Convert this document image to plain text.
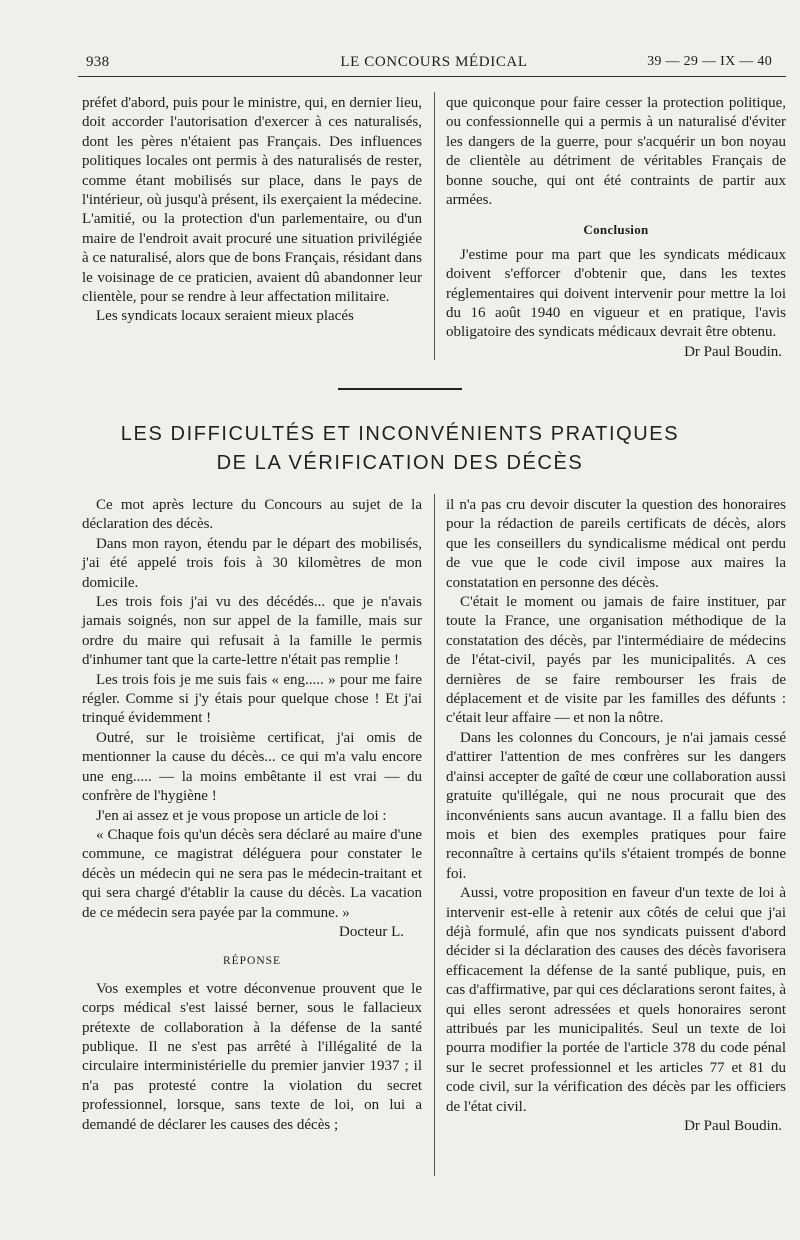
938	LE CONCOURS MÉDICAL	39 — 29 — IX — 40

préfet d'abord, puis pour le ministre, qui, en dernier lieu, doit accorder l'autorisation d'exercer à ces naturalisés, dont les pères n'étaient pas Français. Des influences politiques locales ont permis à des naturalisés de rester, comme étant mobilisés sur place, dans le pays de l'intérieur, où jusqu'à présent, ils exerçaient la médecine. L'amitié, ou la protection d'un parlementaire, ou d'un maire de l'endroit avait procuré une situation privilégiée à ce naturalisé, alors que de bons Français, résidant dans le voisinage de ce praticien, avaient dû abandonner leur clientèle, pour se rendre à leur affectation militaire.

Les syndicats locaux seraient mieux placés

que quiconque pour faire cesser la protection politique, ou confessionnelle qui a permis à un naturalisé d'éviter les dangers de la guerre, pour s'acquérir un bon noyau de clientèle au détriment de véritables Français de bonne souche, qui ont été contraints de partir aux armées.

Conclusion

J'estime pour ma part que les syndicats médicaux doivent s'efforcer d'obtenir que, dans les textes réglementaires qui doivent intervenir pour mettre la loi du 16 août 1940 en vigueur et en pratique, l'avis obligatoire des syndicats médicaux devrait être obtenu.

Dr Paul Boudin.

LES DIFFICULTÉS ET INCONVÉNIENTS PRATIQUES
DE LA VÉRIFICATION DES DÉCÈS

Ce mot après lecture du Concours au sujet de la déclaration des décès.

Dans mon rayon, étendu par le départ des mobilisés, j'ai été appelé trois fois à 30 kilomètres de mon domicile.

Les trois fois j'ai vu des décédés... que je n'avais jamais soignés, non sur appel de la famille, mais sur ordre du maire qui refusait à la famille le permis d'inhumer tant que la carte-lettre n'était pas remplie !

Les trois fois je me suis fais « eng..... » pour me faire régler. Comme si j'y étais pour quelque chose ! Et j'ai trinqué évidemment !

Outré, sur le troisième certificat, j'ai omis de mentionner la cause du décès... ce qui m'a valu encore une eng..... — la moins embêtante il est vrai — du confrère de l'hygiène !

J'en ai assez et je vous propose un article de loi :

« Chaque fois qu'un décès sera déclaré au maire d'une commune, ce magistrat déléguera pour constater le décès un médecin qui ne sera pas le médecin-traitant et qui sera chargé d'établir la cause du décès. La vacation de ce médecin sera payée par la commune. »

Docteur L.

RÉPONSE

Vos exemples et votre déconvenue prouvent que le corps médical s'est laissé berner, sous le fallacieux prétexte de collaboration à la défense de la santé publique. Il ne s'est pas arrêté à l'illégalité de la circulaire interministérielle du premier janvier 1937 ; il n'a pas protesté contre la violation du secret professionnel, lorsque, sans texte de loi, on lui a demandé de déclarer les causes des décès ;

il n'a pas cru devoir discuter la question des honoraires pour la rédaction de pareils certificats de décès, alors que les conseillers du syndicalisme médical ont perdu de vue que le code civil impose aux maires la constatation en personne des décès.

C'était le moment ou jamais de faire instituer, par toute la France, une organisation méthodique de la constatation des décès, par l'intermédiaire de médecins de l'état-civil, payés par les municipalités. A ces dernières de se faire rembourser les frais de déplacement et de visite par les familles des défunts : c'était leur affaire — et non la nôtre.

Dans les colonnes du Concours, je n'ai jamais cessé d'attirer l'attention de mes confrères sur les dangers d'ainsi accepter de gaîté de cœur une collaboration aussi gratuite qu'illégale, qui ne nous procurait que des inconvénients sans aucun avantage. Il a fallu bien des mois et bien des exemples pratiques pour faire reconnaître à certains qu'ils s'étaient trompés de bonne foi.

Aussi, votre proposition en faveur d'un texte de loi à intervenir est-elle à retenir aux côtés de celui que j'ai déjà formulé, afin que nos syndicats puissent d'abord décider si la déclaration des causes des décès favorisera efficacement la défense de la santé publique, puis, en cas d'affirmative, par qui ces déclarations seront faites, à qui elles seront adressées et quels honoraires seront attribués par les municipalités. Seul un texte de loi pourra modifier la portée de l'article 378 du code pénal sur le secret professionnel et les articles 77 et 81 du code civil, sur la vérification des décès par les officiers de l'état civil.

Dr Paul Boudin.
